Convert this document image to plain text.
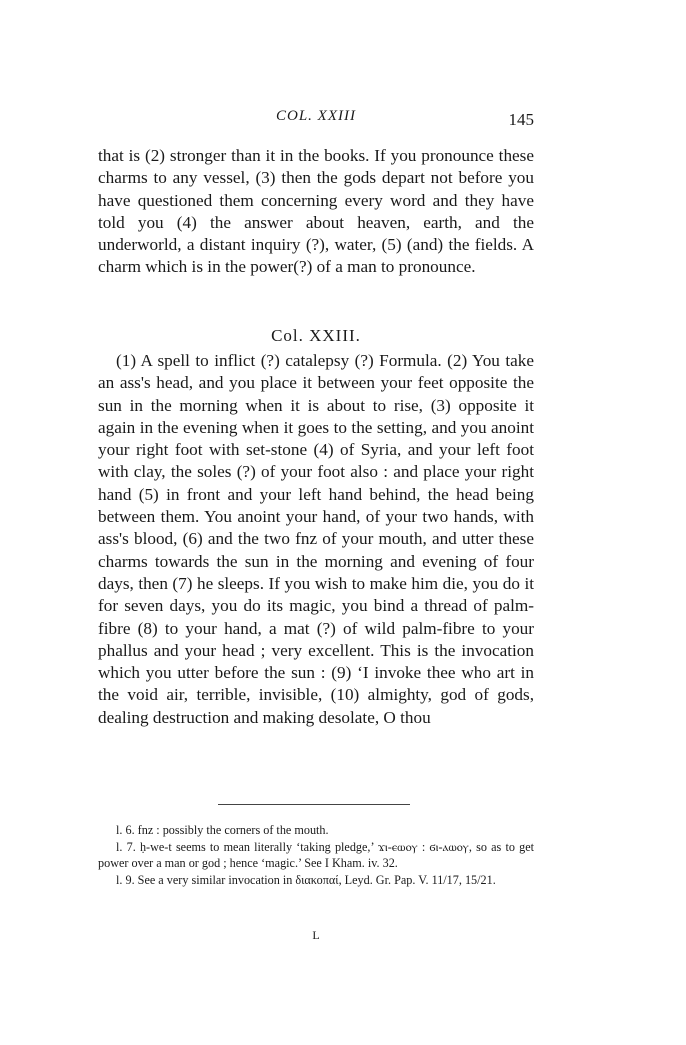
COL. XXIII	145

that is (2) stronger than it in the books. If you pronounce these charms to any vessel, (3) then the gods depart not before you have questioned them concerning every word and they have told you (4) the answer about heaven, earth, and the underworld, a distant inquiry (?), water, (5) (and) the fields. A charm which is in the power(?) of a man to pronounce.

Col. XXIII.

(1) A spell to inflict (?) catalepsy (?) Formula. (2) You take an ass's head, and you place it between your feet opposite the sun in the morning when it is about to rise, (3) opposite it again in the evening when it goes to the setting, and you anoint your right foot with set-stone (4) of Syria, and your left foot with clay, the soles (?) of your foot also : and place your right hand (5) in front and your left hand behind, the head being between them. You anoint your hand, of your two hands, with ass's blood, (6) and the two fnz of your mouth, and utter these charms towards the sun in the morning and evening of four days, then (7) he sleeps. If you wish to make him die, you do it for seven days, you do its magic, you bind a thread of palm-fibre (8) to your hand, a mat (?) of wild palm-fibre to your phallus and your head ; very excellent. This is the invocation which you utter before the sun : (9) ‘I invoke thee who art in the void air, terrible, invisible, (10) almighty, god of gods, dealing destruction and making desolate, O thou

l. 6. fnz : possibly the corners of the mouth.

l. 7. ḥ-we-t seems to mean literally ‘taking pledge,’ ϫⲓ-ⲉⲱⲟⲩ : ϭⲓ-ⲁⲱⲟⲩ, so as to get power over a man or god ; hence ‘magic.’ See I Kham. iv. 32.

l. 9. See a very similar invocation in διακοπαί, Leyd. Gr. Pap. V. 11/17, 15/21.

L
